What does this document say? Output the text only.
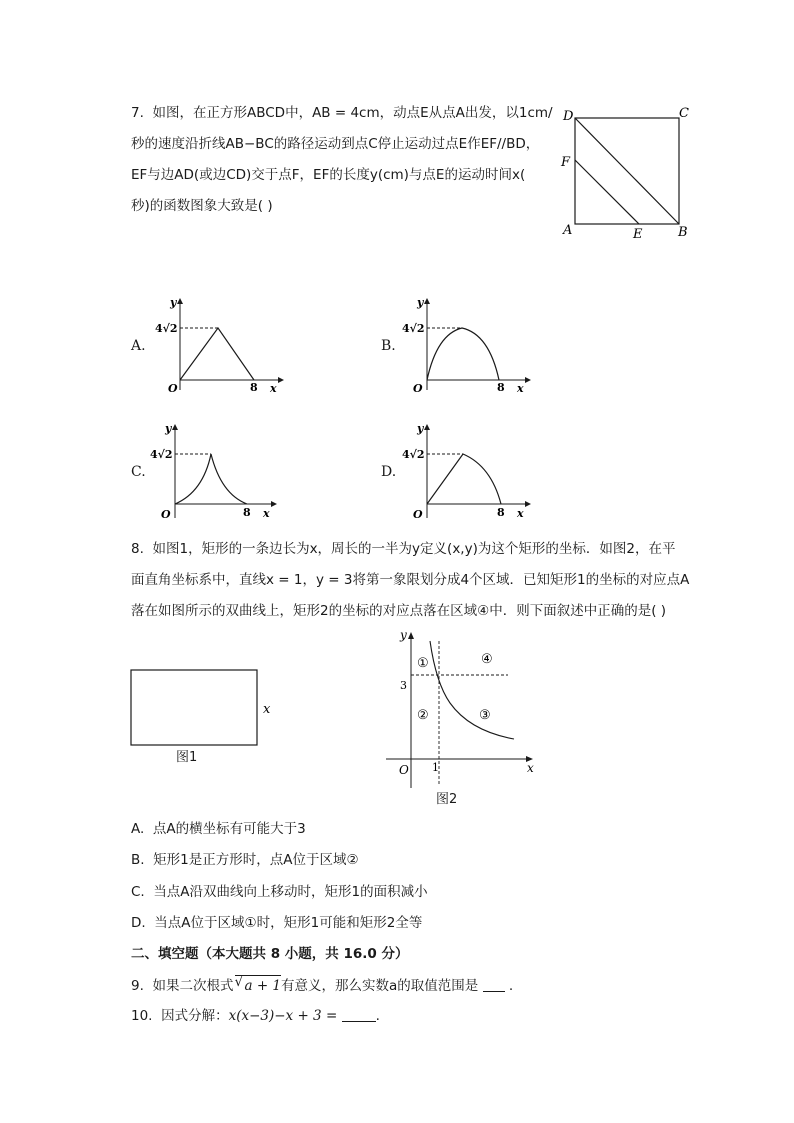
7. 如图，在正方形ABCD中，AB = 4cm，动点E从点A出发，以1cm/
秒的速度沿折线AB−BC的路径运动到点C停止运动过点E作EF//BD，
EF与边AD(或边CD)交于点F，EF的长度y(cm)与点E的运动时间x(
秒)的函数图象大致是( )
D	C
F
A	E	B
A.
y
4√2
O	8 x
B.
y
4√2
O	8 x
C.
y
4√2
O	8 x
D.
y
4√2
O	8 x
8. 如图1，矩形的一条边长为x，周长的一半为y定义(x,y)为这个矩形的坐标．如图2，在平
面直角坐标系中，直线x = 1，y = 3将第一象限划分成4个区域．已知矩形1的坐标的对应点A
落在如图所示的双曲线上，矩形2的坐标的对应点落在区域④中．则下面叙述中正确的是( )
x
图1
y
x
O 1
3
①
②	③
④
图2
A. 点A的横坐标有可能大于3
B. 矩形1是正方形时，点A位于区域②
C. 当点A沿双曲线向上移动时，矩形1的面积减小
D. 当点A位于区域①时，矩形1可能和矩形2全等
二、填空题（本大题共 8 小题，共 16.0 分）
9. 如果二次根式 √ a + 1有意义，那么实数a的取值范围是 .
10. 因式分解：x(x−3)−x + 3 =	.
